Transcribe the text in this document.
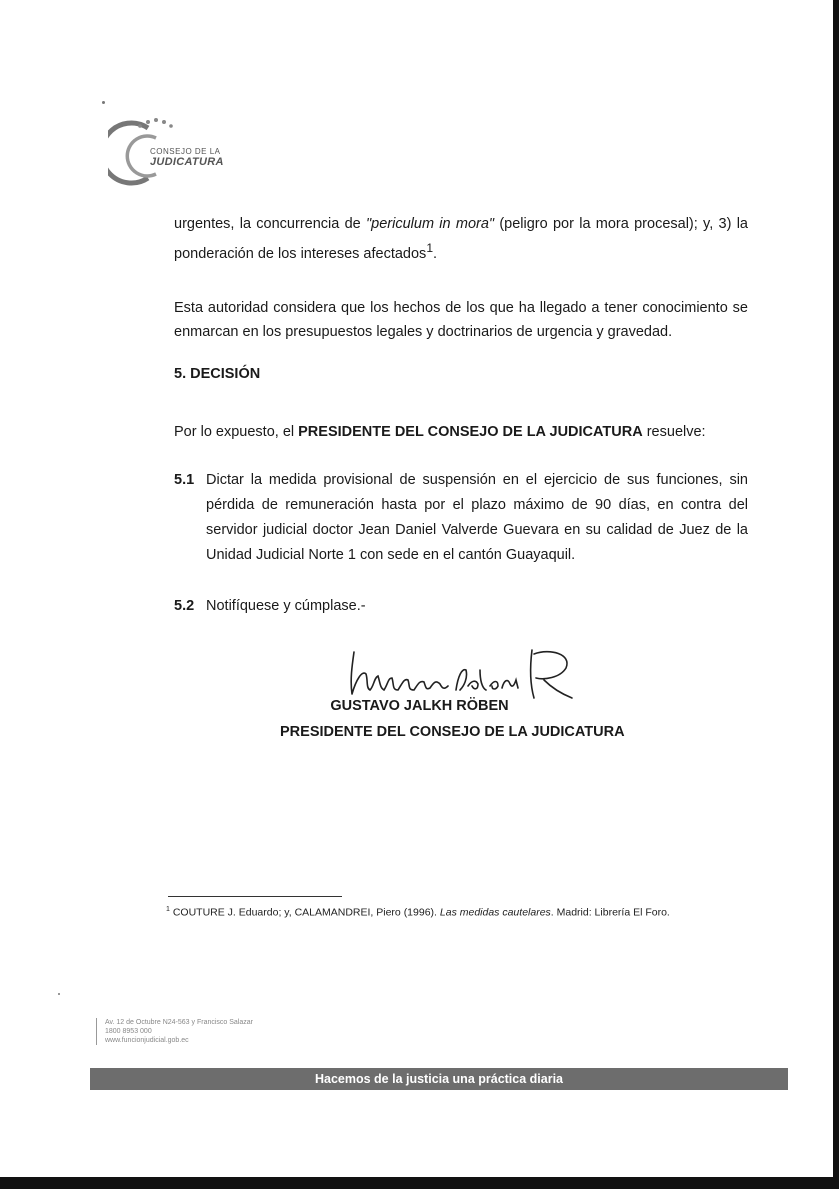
CONSEJO DE LA
JUDICATURA
urgentes, la concurrencia de "periculum in mora" (peligro por la mora procesal); y, 3) la ponderación de los intereses afectados$^1$.
Esta autoridad considera que los hechos de los que ha llegado a tener conocimiento se enmarcan en los presupuestos legales y doctrinarios de urgencia y gravedad.
5. DECISIÓN
Por lo expuesto, el PRESIDENTE DEL CONSEJO DE LA JUDICATURA resuelve:
5.1 Dictar la medida provisional de suspensión en el ejercicio de sus funciones, sin pérdida de remuneración hasta por el plazo máximo de 90 días, en contra del servidor judicial doctor Jean Daniel Valverde Guevara en su calidad de Juez de la Unidad Judicial Norte 1 con sede en el cantón Guayaquil.
5.2 Notifíquese y cúmplase.-
GUSTAVO JALKH RÖBEN
PRESIDENTE DEL CONSEJO DE LA JUDICATURA
$^1$ COUTURE J. Eduardo; y, CALAMANDREI, Piero (1996). Las medidas cautelares. Madrid: Librería El Foro.
Av. 12 de Octubre N24-563 y Francisco Salazar
1800 8953 000
www.funcionjudicial.gob.ec
Hacemos de la justicia una práctica diaria
